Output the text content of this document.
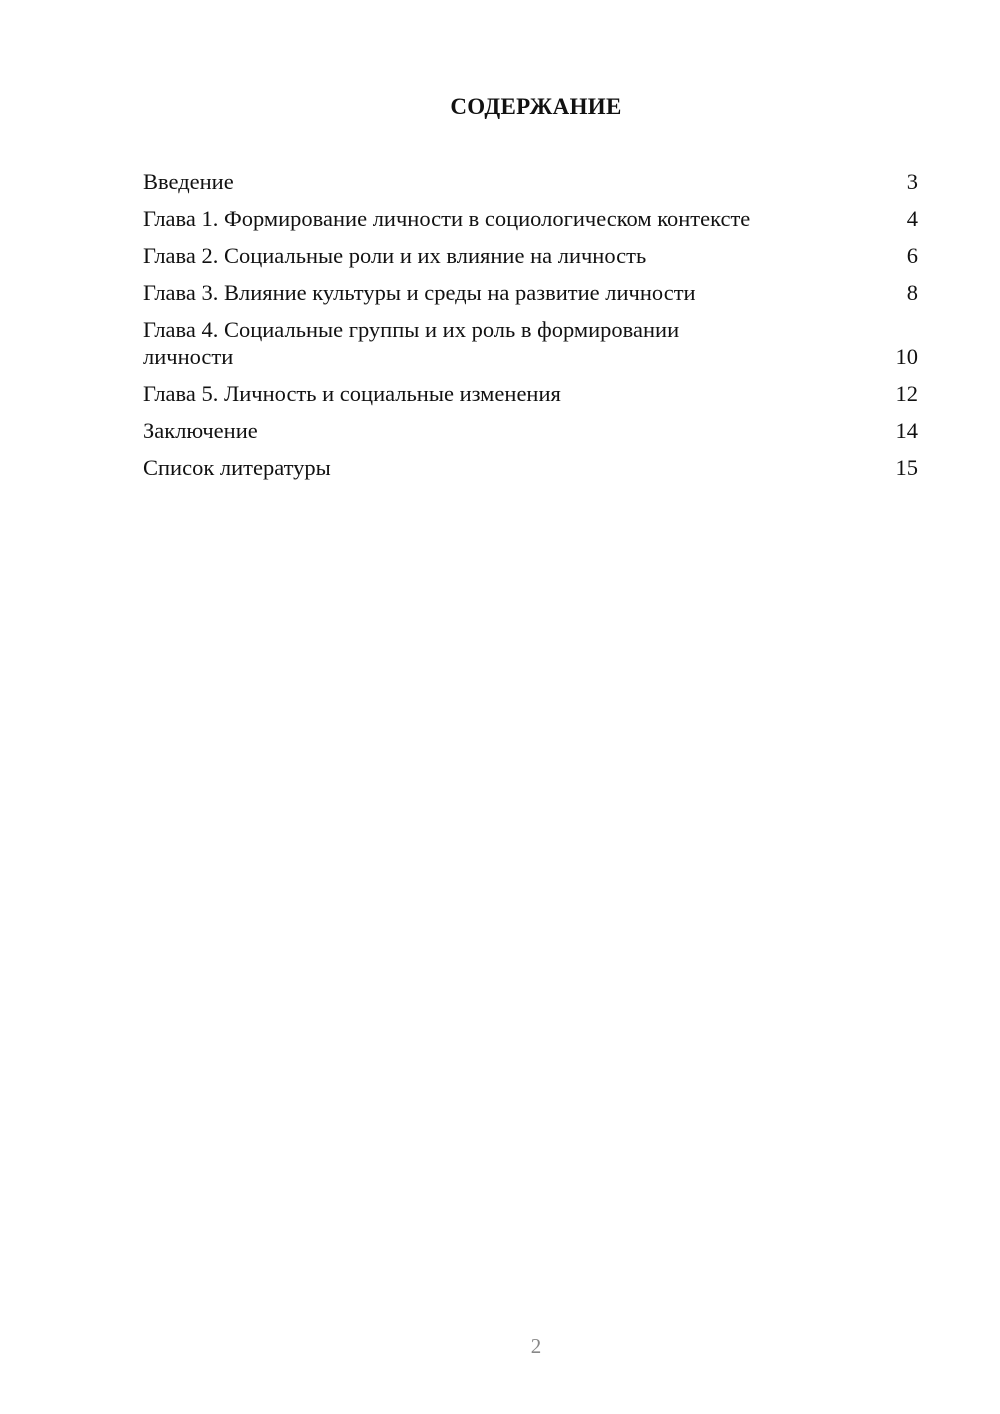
СОДЕРЖАНИЕ
Введение	3
Глава 1. Формирование личности в социологическом контексте	4
Глава 2. Социальные роли и их влияние на личность	6
Глава 3. Влияние культуры и среды на развитие личности	8
Глава 4. Социальные группы и их роль в формировании личности	10
Глава 5. Личность и социальные изменения	12
Заключение	14
Список литературы	15
2
